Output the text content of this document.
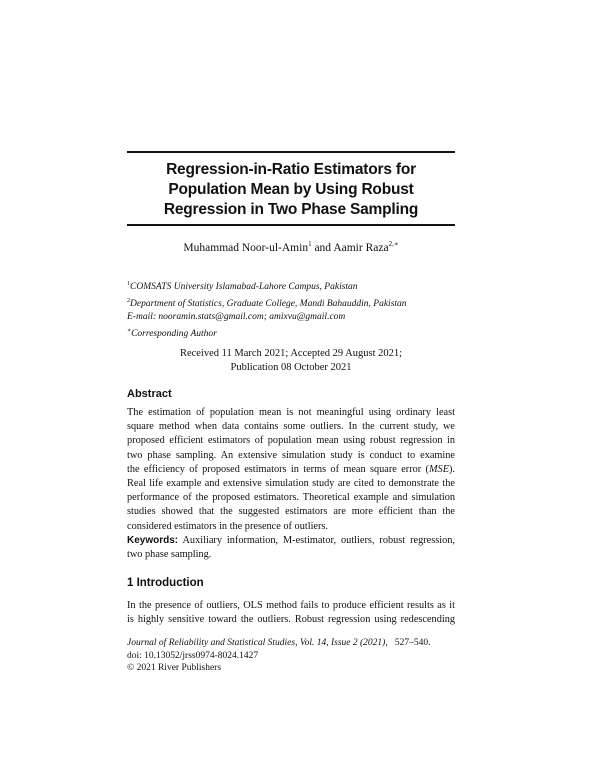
Regression-in-Ratio Estimators for
Population Mean by Using Robust
Regression in Two Phase Sampling
Muhammad Noor-ul-Amin$^1$ and Aamir Raza$^{2,∗}$
$^1$COMSATS University Islamabad-Lahore Campus, Pakistan
$^2$Department of Statistics, Graduate College, Mandi Bahauddin, Pakistan
E-mail: nooramin.stats@gmail.com; amixvu@gmail.com
∗Corresponding Author
Received 11 March 2021; Accepted 29 August 2021;
Publication 08 October 2021
Abstract
The estimation of population mean is not meaningful using ordinary least
square method when data contains some outliers. In the current study, we
proposed efficient estimators of population mean using robust regression in
two phase sampling. An extensive simulation study is conduct to examine
the efficiency of proposed estimators in terms of mean square error (MSE).
Real life example and extensive simulation study are cited to demonstrate the
performance of the proposed estimators. Theoretical example and simulation
studies showed that the suggested estimators are more efficient than the
considered estimators in the presence of outliers.
Keywords: Auxiliary information, M-estimator, outliers, robust regression,
two phase sampling.
1 Introduction
In the presence of outliers, OLS method fails to produce efficient results as it
is highly sensitive toward the outliers. Robust regression using redescending
Journal of Reliability and Statistical Studies, Vol. 14, Issue 2 (2021), 527–540.
doi: 10.13052/jrss0974-8024.1427
© 2021 River Publishers
